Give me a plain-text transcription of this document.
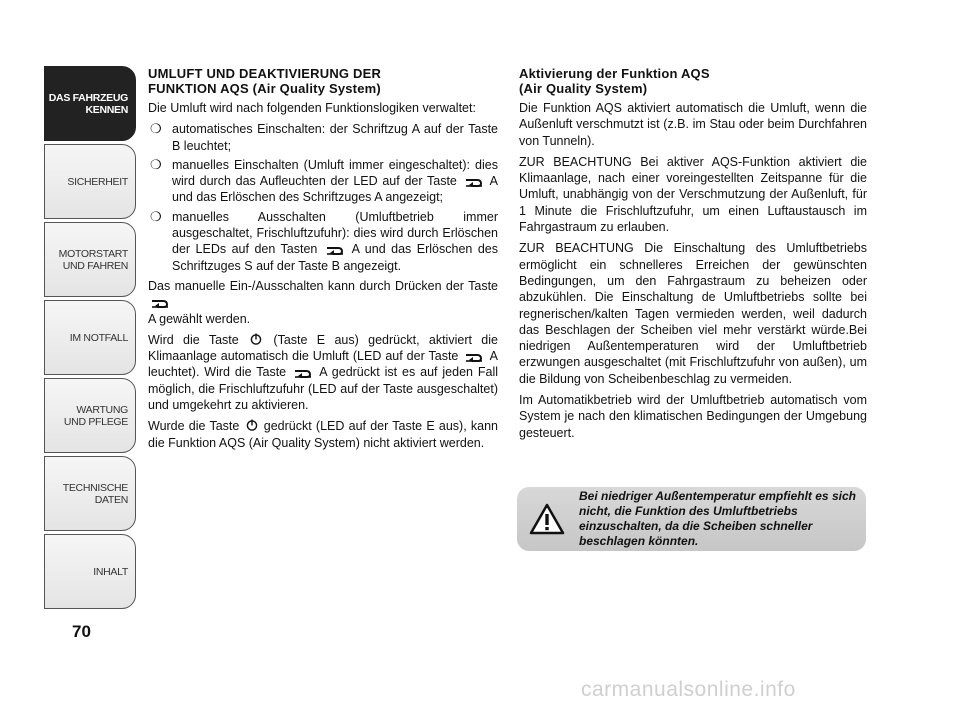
DAS FAHRZEUG
KENNEN
SICHERHEIT
MOTORSTART
UND FAHREN
IM NOTFALL
WARTUNG
UND PFLEGE
TECHNISCHE
DATEN
INHALT
70
UMLUFT UND DEAKTIVIERUNG DER
FUNKTION AQS (Air Quality System)

Die Umluft wird nach folgenden Funktionslogiken verwaltet:

❍ automatisches Einschalten: der Schriftzug A auf der Taste B leuchtet;
❍ manuelles Einschalten (Umluft immer eingeschaltet): dies wird durch das Aufleuchten der LED auf der Taste	A und das Erlöschen des Schriftzuges A angezeigt;
❍ manuelles Ausschalten (Umluftbetrieb immer ausgeschaltet, Frischluftzufuhr): dies wird durch Erlöschen der LEDs auf den Tasten	A und das Erlöschen des Schriftzuges S auf der Taste B angezeigt.

Das manuelle Ein-/Ausschalten kann durch Drücken der Taste
A gewählt werden.

Wird die Taste	(Taste E aus) gedrückt, aktiviert die Klimaanlage automatisch die Umluft (LED auf der Taste	A leuchtet). Wird die Taste	A gedrückt ist es auf jeden Fall möglich, die Frischluftzufuhr (LED auf der Taste ausgeschaltet) und umgekehrt zu aktivieren.

Wurde die Taste gedrückt (LED auf der Taste E aus), kann die Funktion AQS (Air Quality System) nicht aktiviert werden.

Aktivierung der Funktion AQS
(Air Quality System)

Die Funktion AQS aktiviert automatisch die Umluft, wenn die Außenluft verschmutzt ist (z.B. im Stau oder beim Durchfahren von Tunneln).

ZUR BEACHTUNG Bei aktiver AQS-Funktion aktiviert die Klimaanlage, nach einer voreingestellten Zeitspanne für die Umluft, unabhängig von der Verschmutzung der Außenluft, für 1 Minute die Frischluftzufuhr, um einen Luftaustausch im Fahrgastraum zu erlauben.

ZUR BEACHTUNG Die Einschaltung des Umluftbetriebs ermöglicht ein schnelleres Erreichen der gewünschten Bedingungen, um den Fahrgastraum zu beheizen oder abzukühlen. Die Einschaltung de Umluftbetriebs sollte bei regnerischen/kalten Tagen vermieden werden, weil dadurch das Beschlagen der Scheiben viel mehr verstärkt würde.Bei niedrigen Außentemperaturen wird der Umluftbetrieb erzwungen ausgeschaltet (mit Frischluftzufuhr von außen), um die Bildung von Scheibenbeschlag zu vermeiden.

Im Automatikbetrieb wird der Umluftbetrieb automatisch vom System je nach den klimatischen Bedingungen der Umgebung gesteuert.

Bei niedriger Außentemperatur empfiehlt es sich nicht, die Funktion des Umluftbetriebs einzuschalten, da die Scheiben schneller beschlagen könnten.
carmanualsonline.info
